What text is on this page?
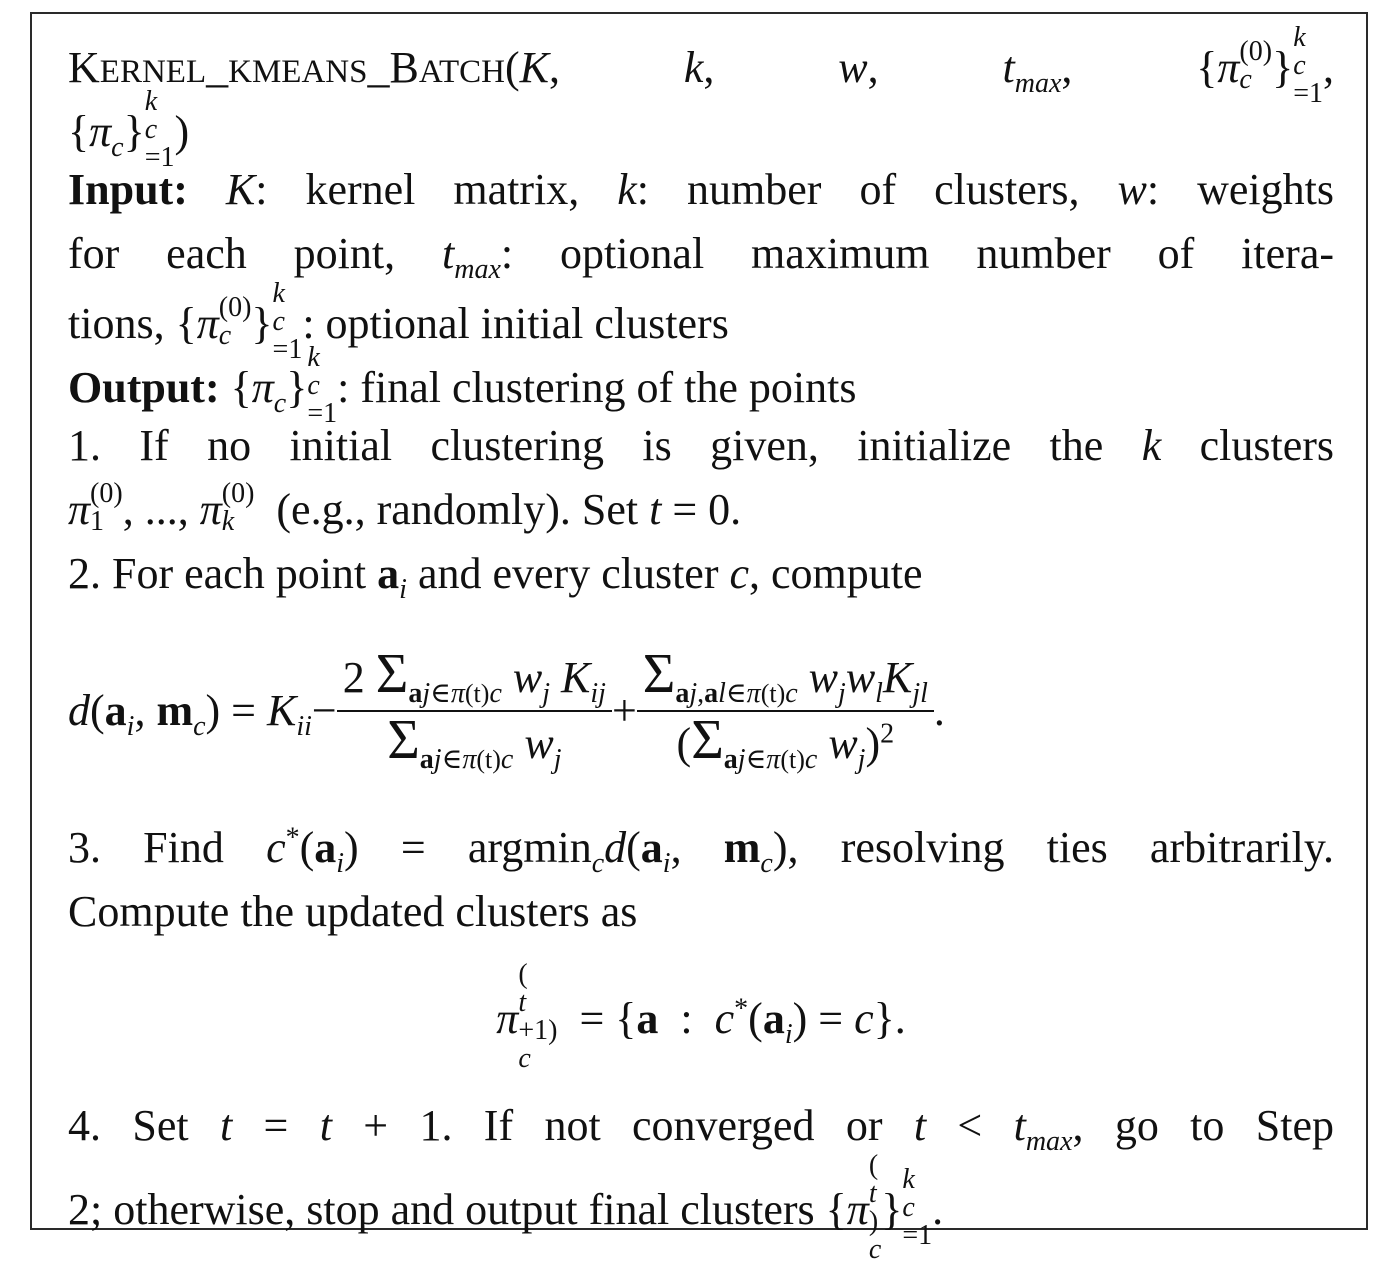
KERNEL_KMEANS_BATCH(K,   k,   w,   $t_{max}$,   {π (0)
c }
k
c
=1
,
$\{\pi_c\}$
k
c
=1
)
Input: K: kernel matrix, k: number of clusters, w: weights
for each point, $t_{max}$: optional maximum number of itera-
tions, {π (0)
c }
k
c
=1
: optional initial clusters
Output: $\{\pi_c\}$
k
c
=1
: final clustering of the points
1. If no initial clustering is given, initialize the k clusters
π (0)
1 , ..., π (0)
k (e.g., randomly). Set t = 0.
2. For each point $a_i$ and every cluster c, compute
$d(a_i$, $m_c) = K_{ii}- \frac{2 \Sigma_{aj\in\pi(t)c} w_j K_{ij}}{\Sigma_{aj\in\pi(t)c} w_j} + \frac{\Sigma_{aj,al\in\pi(t)c} w_jw_lK_{jl}}{(\Sigma_{aj\in\pi(t)c} w_j)^2}$ .
3. Find $c^*(a_i) = argmin_cd(a_i$, $m_c$), resolving ties arbitrarily.
Compute the updated clusters as
π
(
t
+1)
c
= {a  :  $c^*(a_i) = c$}.
4. Set t = t + 1. If not converged or $t < t_{max}$, go to Step
2; otherwise, stop and output final clusters {π
(
t
)
c
}
k
c
=1
.
